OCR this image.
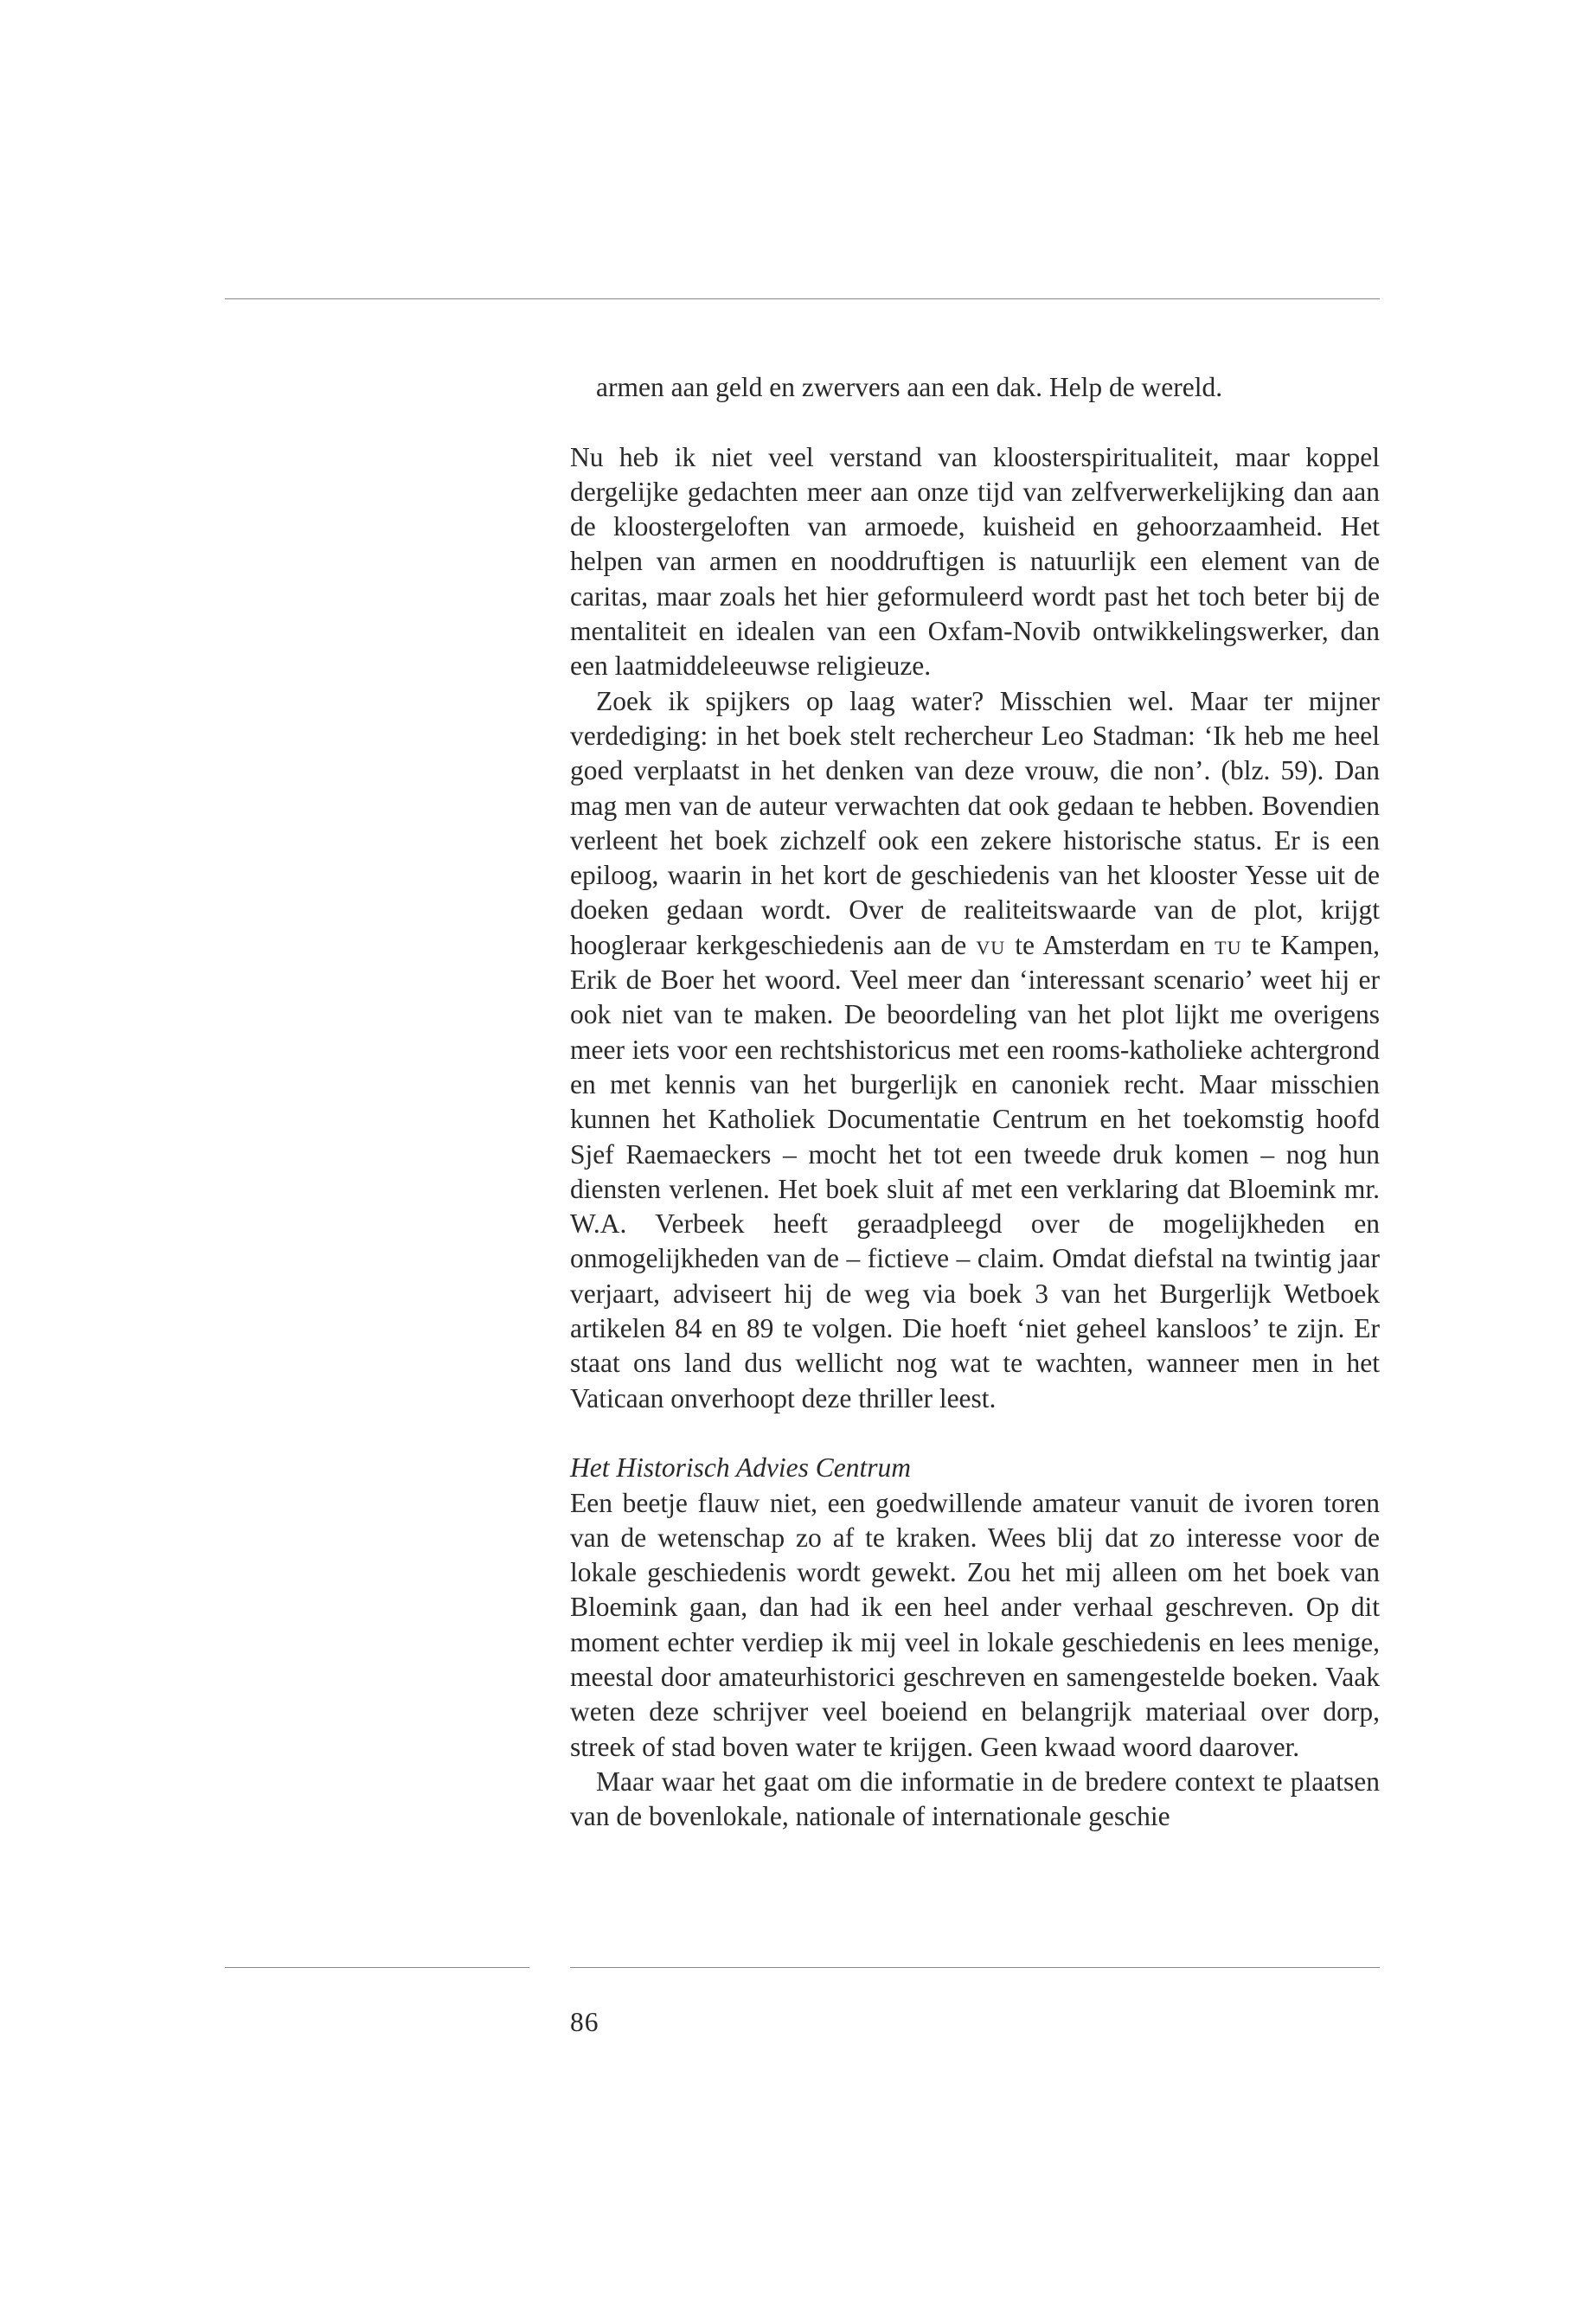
armen aan geld en zwervers aan een dak. Help de wereld.

Nu heb ik niet veel verstand van kloosterspiritualiteit, maar koppel dergelijke gedachten meer aan onze tijd van zelfverwerkelijking dan aan de kloostergeloften van armoede, kuisheid en gehoorzaamheid. Het helpen van armen en nooddruftigen is natuurlijk een element van de caritas, maar zoals het hier geformuleerd wordt past het toch beter bij de mentaliteit en idealen van een Oxfam-Novib ontwikkelingswerker, dan een laatmiddeleeuwse religieuze.

Zoek ik spijkers op laag water? Misschien wel. Maar ter mijner verdediging: in het boek stelt rechercheur Leo Stadman: ‘Ik heb me heel goed verplaatst in het denken van deze vrouw, die non’. (blz. 59). Dan mag men van de auteur verwachten dat ook gedaan te hebben. Bovendien verleent het boek zichzelf ook een zekere historische status. Er is een epiloog, waarin in het kort de geschiedenis van het klooster Yesse uit de doeken gedaan wordt. Over de realiteitswaarde van de plot, krijgt hoogleraar kerkgeschiedenis aan de vu te Amsterdam en tu te Kampen, Erik de Boer het woord. Veel meer dan ‘interessant scenario’ weet hij er ook niet van te maken. De beoordeling van het plot lijkt me overigens meer iets voor een rechtshistoricus met een rooms-katholieke achtergrond en met kennis van het burgerlijk en canoniek recht. Maar misschien kunnen het Katholiek Documentatie Centrum en het toekomstig hoofd Sjef Raemaeckers – mocht het tot een tweede druk komen – nog hun diensten verlenen. Het boek sluit af met een verklaring dat Bloemink mr. W.A. Verbeek heeft geraadpleegd over de mogelijkheden en onmogelijkheden van de – fictieve – claim. Omdat diefstal na twintig jaar verjaart, adviseert hij de weg via boek 3 van het Burgerlijk Wetboek artikelen 84 en 89 te volgen. Die hoeft ‘niet geheel kansloos’ te zijn. Er staat ons land dus wellicht nog wat te wachten, wanneer men in het Vaticaan onverhoopt deze thriller leest.

Het Historisch Advies Centrum

Een beetje flauw niet, een goedwillende amateur vanuit de ivoren toren van de wetenschap zo af te kraken. Wees blij dat zo interesse voor de lokale geschiedenis wordt gewekt. Zou het mij alleen om het boek van Bloemink gaan, dan had ik een heel ander verhaal geschreven. Op dit moment echter verdiep ik mij veel in lokale geschiedenis en lees menige, meestal door amateurhistorici geschreven en samengestelde boeken. Vaak weten deze schrijver veel boeiend en belangrijk materiaal over dorp, streek of stad boven water te krijgen. Geen kwaad woord daarover.

Maar waar het gaat om die informatie in de bredere context te plaatsen van de bovenlokale, nationale of internationale geschie

86
